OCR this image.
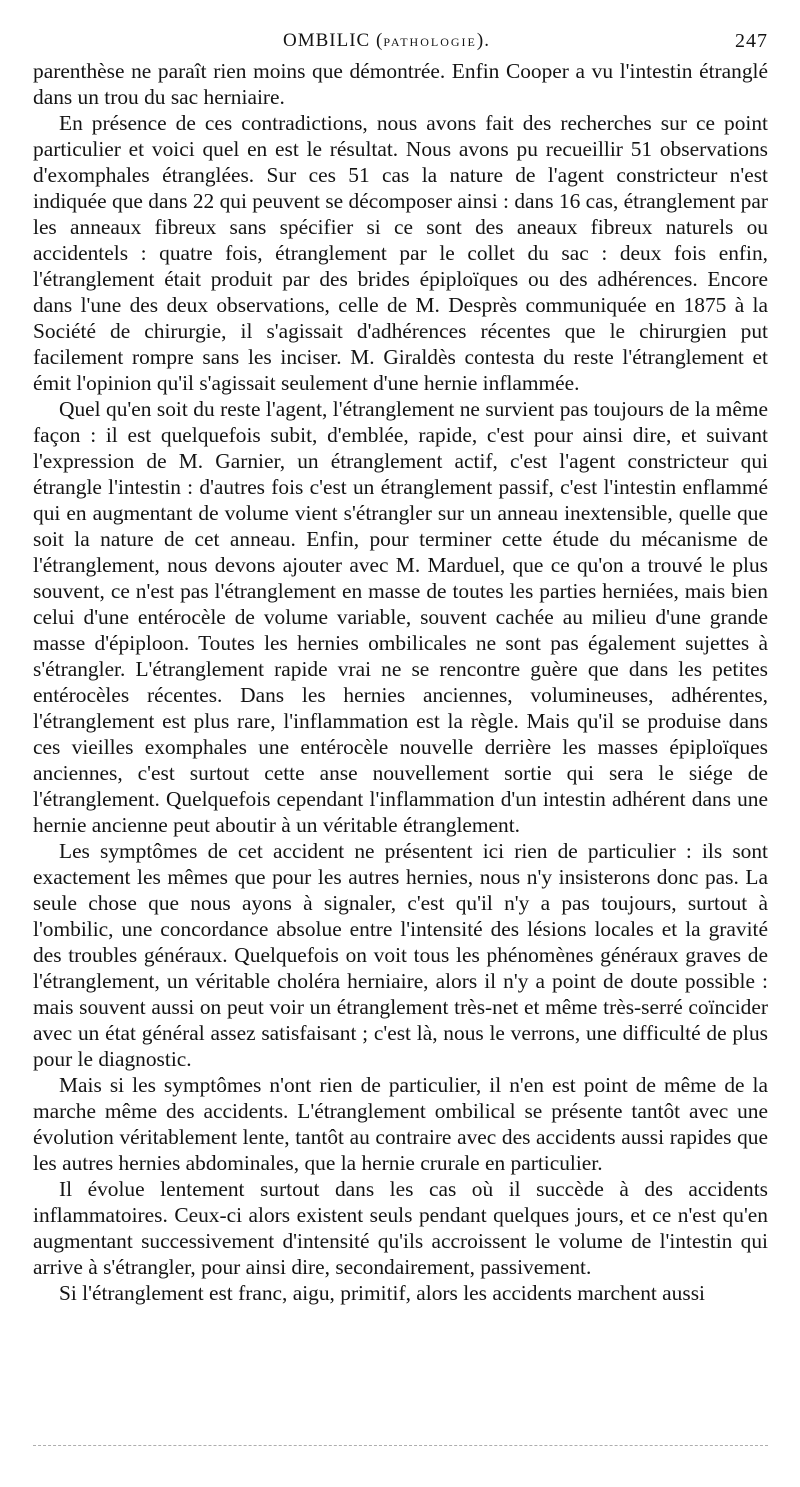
OMBILIC (PATHOLOGIE).	247

parenthèse ne paraît rien moins que démontrée. Enfin Cooper a vu l'intestin étranglé dans un trou du sac herniaire.

En présence de ces contradictions, nous avons fait des recherches sur ce point particulier et voici quel en est le résultat. Nous avons pu recueillir 51 observations d'exomphales étranglées. Sur ces 51 cas la nature de l'agent constricteur n'est indiquée que dans 22 qui peuvent se décomposer ainsi : dans 16 cas, étranglement par les anneaux fibreux sans spécifier si ce sont des aneaux fibreux naturels ou accidentels : quatre fois, étranglement par le collet du sac : deux fois enfin, l'étranglement était produit par des brides épiploïques ou des adhérences. Encore dans l'une des deux observations, celle de M. Desprès communiquée en 1875 à la Société de chirurgie, il s'agissait d'adhérences récentes que le chirurgien put facilement rompre sans les inciser. M. Giraldès contesta du reste l'étranglement et émit l'opinion qu'il s'agissait seulement d'une hernie inflammée.

Quel qu'en soit du reste l'agent, l'étranglement ne survient pas toujours de la même façon : il est quelquefois subit, d'emblée, rapide, c'est pour ainsi dire, et suivant l'expression de M. Garnier, un étranglement actif, c'est l'agent constricteur qui étrangle l'intestin : d'autres fois c'est un étranglement passif, c'est l'intestin enflammé qui en augmentant de volume vient s'étrangler sur un anneau inextensible, quelle que soit la nature de cet anneau. Enfin, pour terminer cette étude du mécanisme de l'étranglement, nous devons ajouter avec M. Marduel, que ce qu'on a trouvé le plus souvent, ce n'est pas l'étranglement en masse de toutes les parties herniées, mais bien celui d'une entérocèle de volume variable, souvent cachée au milieu d'une grande masse d'épiploon. Toutes les hernies ombilicales ne sont pas également sujettes à s'étrangler. L'étranglement rapide vrai ne se rencontre guère que dans les petites entérocèles récentes. Dans les hernies anciennes, volumineuses, adhérentes, l'étranglement est plus rare, l'inflammation est la règle. Mais qu'il se produise dans ces vieilles exomphales une entérocèle nouvelle derrière les masses épiploïques anciennes, c'est surtout cette anse nouvellement sortie qui sera le siége de l'étranglement. Quelquefois cependant l'inflammation d'un intestin adhérent dans une hernie ancienne peut aboutir à un véritable étranglement.

Les symptômes de cet accident ne présentent ici rien de particulier : ils sont exactement les mêmes que pour les autres hernies, nous n'y insisterons donc pas. La seule chose que nous ayons à signaler, c'est qu'il n'y a pas toujours, surtout à l'ombilic, une concordance absolue entre l'intensité des lésions locales et la gravité des troubles généraux. Quelquefois on voit tous les phénomènes généraux graves de l'étranglement, un véritable choléra herniaire, alors il n'y a point de doute possible : mais souvent aussi on peut voir un étranglement très-net et même très-serré coïncider avec un état général assez satisfaisant ; c'est là, nous le verrons, une difficulté de plus pour le diagnostic.

Mais si les symptômes n'ont rien de particulier, il n'en est point de même de la marche même des accidents. L'étranglement ombilical se présente tantôt avec une évolution véritablement lente, tantôt au contraire avec des accidents aussi rapides que les autres hernies abdominales, que la hernie crurale en particulier.

Il évolue lentement surtout dans les cas où il succède à des accidents inflammatoires. Ceux-ci alors existent seuls pendant quelques jours, et ce n'est qu'en augmentant successivement d'intensité qu'ils accroissent le volume de l'intestin qui arrive à s'étrangler, pour ainsi dire, secondairement, passivement.

Si l'étranglement est franc, aigu, primitif, alors les accidents marchent aussi
